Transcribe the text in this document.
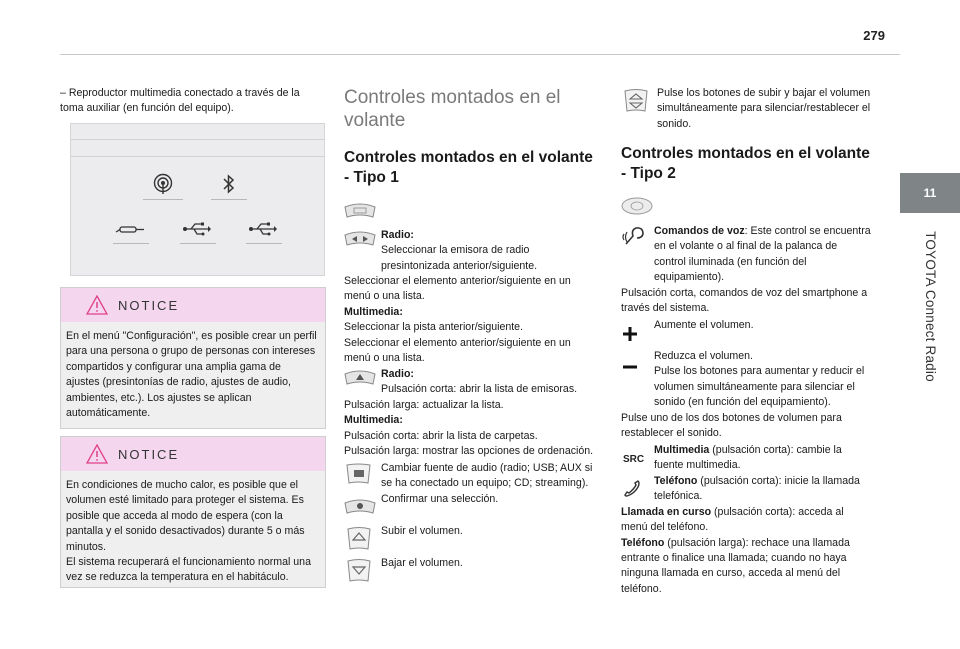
279
11
TOYOTA Connect Radio
– Reproductor multimedia conectado a través de la toma auxiliar (en función del equipo).
NOTICE
En el menú "Configuración", es posible crear un perfil para una persona o grupo de personas con intereses compartidos y configurar una amplia gama de ajustes (presintonías de radio, ajustes de audio, ambientes, etc.). Los ajustes se aplican automáticamente.
NOTICE
En condiciones de mucho calor, es posible que el volumen esté limitado para proteger el sistema. Es posible que acceda al modo de espera (con la pantalla y el sonido desactivados) durante 5 o más minutos.
El sistema recuperará el funcionamiento normal una vez se reduzca la temperatura en el habitáculo.
Controles montados en el volante
Controles montados en el volante - Tipo 1
Radio:
Seleccionar la emisora de radio presintonizada anterior/siguiente.
Seleccionar el elemento anterior/siguiente en un menú o una lista.
Multimedia:
Seleccionar la pista anterior/siguiente.
Seleccionar el elemento anterior/siguiente en un menú o una lista.
Radio:
Pulsación corta: abrir la lista de emisoras.
Pulsación larga: actualizar la lista.
Multimedia:
Pulsación corta: abrir la lista de carpetas.
Pulsación larga: mostrar las opciones de ordenación.
Cambiar fuente de audio (radio; USB; AUX si se ha conectado un equipo; CD; streaming).
Confirmar una selección.
Subir el volumen.
Bajar el volumen.
Pulse los botones de subir y bajar el volumen simultáneamente para silenciar/restablecer el sonido.
Controles montados en el volante - Tipo 2
Comandos de voz: Este control se encuentra en el volante o al final de la palanca de control iluminada (en función del equipamiento).
Pulsación corta, comandos de voz del smartphone a través del sistema.
Aumente el volumen.
Reduzca el volumen.
Pulse los botones para aumentar y reducir el volumen simultáneamente para silenciar el sonido (en función del equipamiento).
Pulse uno de los dos botones de volumen para restablecer el sonido.
SRC
Multimedia (pulsación corta): cambie la fuente multimedia.
Teléfono (pulsación corta): inicie la llamada telefónica.
Llamada en curso (pulsación corta): acceda al menú del teléfono.
Teléfono (pulsación larga): rechace una llamada entrante o finalice una llamada; cuando no haya ninguna llamada en curso, acceda al menú del teléfono.
